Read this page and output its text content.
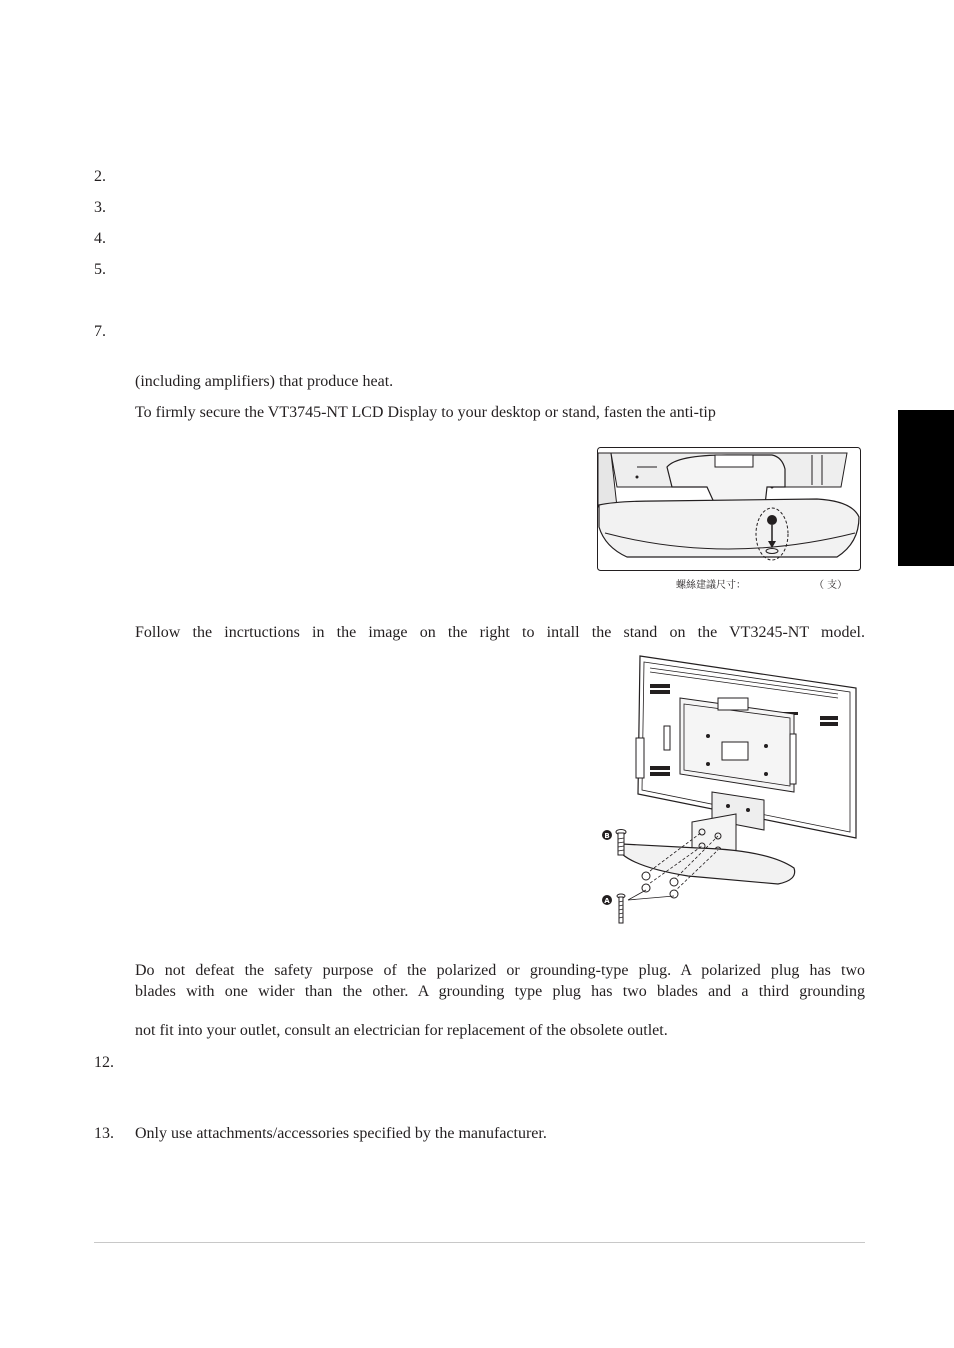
2.
3.
4.
5.
7.
(including amplifiers) that produce heat.
To firmly secure the VT3745-NT LCD Display to your desktop or stand, fasten the anti-tip
螺絲建議尺寸：	（ 支）
Follow the incrtuctions in the image on the right to intall the stand on the VT3245-NT model.
B
A
Do not defeat the safety purpose of the polarized or grounding-type plug. A polarized plug has two
blades with one wider than the other. A grounding type plug has two blades and a third grounding
not fit into your outlet, consult an electrician for replacement of the obsolete outlet.
12.
13. Only use attachments/accessories specified by the manufacturer.
